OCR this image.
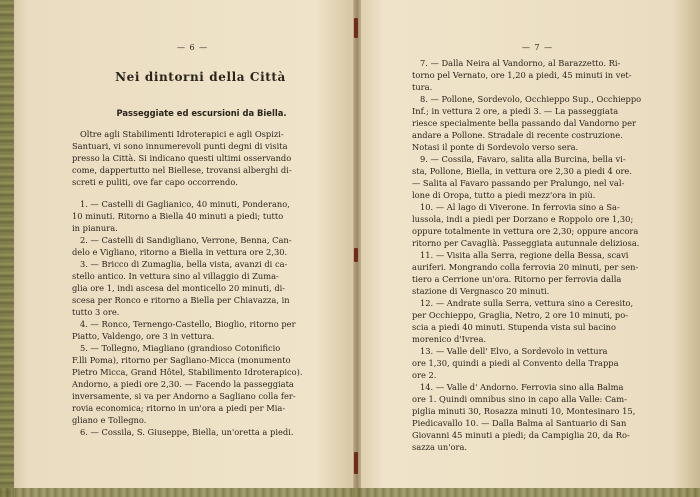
— 6 —
Nei dintorni della Città
Passeggiate ed escursioni da Biella.
Oltre agli Stabilimenti Idroterapici e agli Ospizi-
Santuari, vi sono innumerevoli punti degni di visita
presso la Città. Si indicano questi ultimi osservando
come, dappertutto nel Biellese, trovansi alberghi di-
screti e puliti, ove far capo occorrendo.
1. — Castelli di Gaglianico, 40 minuti, Ponderano,
10 minuti. Ritorno a Biella 40 minuti a piedi; tutto
in pianura.
2. — Castelli di Sandigliano, Verrone, Benna, Can-
delo e Vigliano, ritorno a Biella in vettura ore 2,30.
3. — Bricco di Zumaglia, bella vista, avanzi di ca-
stello antico. In vettura sino al villaggio di Zuma-
glia ore 1, indi ascesa del monticello 20 minuti, di-
scesa per Ronco e ritorno a Biella per Chiavazza, in
tutto 3 ore.
4. — Ronco, Ternengo-Castello, Bioglio, ritorno per
Piatto, Valdengo, ore 3 in vettura.
5. — Tollegno, Miagliano (grandioso Cotonificio
F.lli Poma), ritorno per Sagliano-Micca (monumento
Pietro Micca, Grand Hôtel, Stabilimento Idroterapico).
Andorno, a piedi ore 2,30. — Facendo la passeggiata
inversamente, si va per Andorno a Sagliano colla fer-
rovia economica; ritorno in un'ora a piedi per Mia-
gliano e Tollegno.
6. — Cossila, S. Giuseppe, Biella, un'oretta a piedi.
— 7 —
7. — Dalla Neira al Vandorno, al Barazzetto. Ri-
torno pel Vernato, ore 1,20 a piedi, 45 minuti in vet-
tura.
8. — Pollone, Sordevolo, Occhieppo Sup., Occhieppo
Inf.; in vettura 2 ore, a piedi 3. — La passeggiata
riesce specialmente bella passando dal Vandorno per
andare a Pollone. Stradale di recente costruzione.
Notasi il ponte di Sordevolo verso sera.
9. — Cossila, Favaro, salita alla Burcina, bella vi-
sta, Pollone, Biella, in vettura ore 2,30 a piedi 4 ore.
— Salita al Favaro passando per Pralungo, nel val-
lone di Oropa, tutto a piedi mezz'ora in più.
10. — Al lago di Viverone. In ferrovia sino a Sa-
lussola, indi a piedi per Dorzano e Roppolo ore 1,30;
oppure totalmente in vettura ore 2,30; oppure ancora
ritorno per Cavaglià. Passeggiata autunnale deliziosa.
11. — Visita alla Serra, regione della Bessa, scavi
auriferi. Mongrando colla ferrovia 20 minuti, per sen-
tiero a Cerrione un'ora. Ritorno per ferrovia dalla
stazione di Vergnasco 20 minuti.
12. — Andrate sulla Serra, vettura sino a Ceresito,
per Occhieppo, Graglia, Netro, 2 ore 10 minuti, po-
scia a piedi 40 minuti. Stupenda vista sul bacino
morenico d'Ivrea.
13. — Valle dell' Elvo, a Sordevolo in vettura
ore 1,30, quindi a piedi al Convento della Trappa
ore 2.
14. — Valle d' Andorno. Ferrovia sino alla Balma
ore 1. Quindi omnibus sino in capo alla Valle: Cam-
piglia minuti 30, Rosazza minuti 10, Montesinaro 15,
Piedicavallo 10. — Dalla Balma al Santuario di San
Giovanni 45 minuti a piedi; da Campiglia 20, da Ro-
sazza un'ora.
